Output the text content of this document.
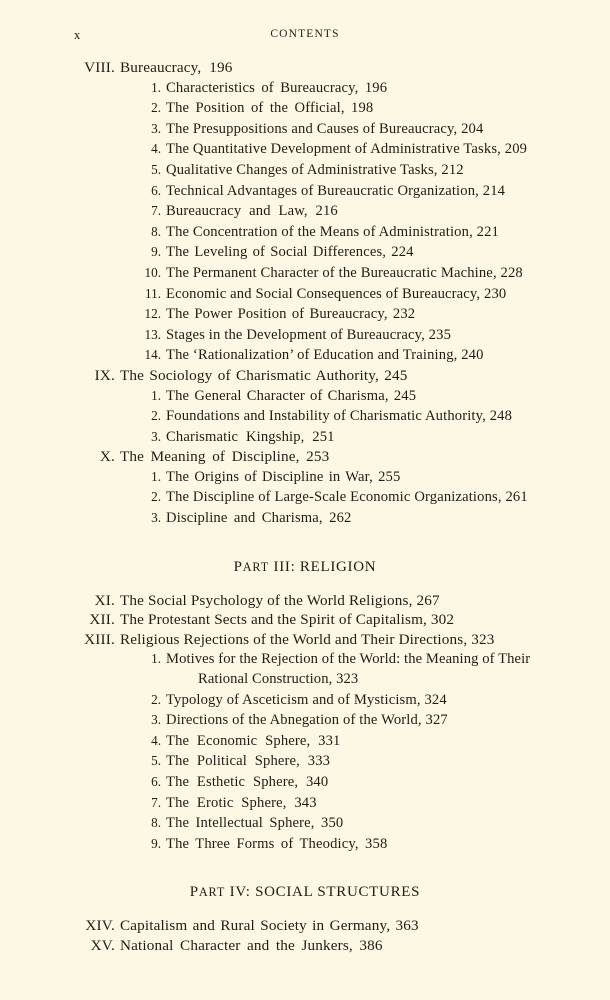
x	CONTENTS
VIII. Bureaucracy, 196
1. Characteristics of Bureaucracy, 196
2. The Position of the Official, 198
3. The Presuppositions and Causes of Bureaucracy, 204
4. The Quantitative Development of Administrative Tasks, 209
5. Qualitative Changes of Administrative Tasks, 212
6. Technical Advantages of Bureaucratic Organization, 214
7. Bureaucracy and Law, 216
8. The Concentration of the Means of Administration, 221
9. The Leveling of Social Differences, 224
10. The Permanent Character of the Bureaucratic Machine, 228
11. Economic and Social Consequences of Bureaucracy, 230
12. The Power Position of Bureaucracy, 232
13. Stages in the Development of Bureaucracy, 235
14. The ‘Rationalization’ of Education and Training, 240
IX. The Sociology of Charismatic Authority, 245
1. The General Character of Charisma, 245
2. Foundations and Instability of Charismatic Authority, 248
3. Charismatic Kingship, 251
X. The Meaning of Discipline, 253
1. The Origins of Discipline in War, 255
2. The Discipline of Large-Scale Economic Organizations, 261
3. Discipline and Charisma, 262
PART III: RELIGION
XI. The Social Psychology of the World Religions, 267
XII. The Protestant Sects and the Spirit of Capitalism, 302
XIII. Religious Rejections of the World and Their Directions, 323
1. Motives for the Rejection of the World: the Meaning of Their
Rational Construction, 323
2. Typology of Asceticism and of Mysticism, 324
3. Directions of the Abnegation of the World, 327
4. The Economic Sphere, 331
5. The Political Sphere, 333
6. The Esthetic Sphere, 340
7. The Erotic Sphere, 343
8. The Intellectual Sphere, 350
9. The Three Forms of Theodicy, 358
PART IV: SOCIAL STRUCTURES
XIV. Capitalism and Rural Society in Germany, 363
XV. National Character and the Junkers, 386
